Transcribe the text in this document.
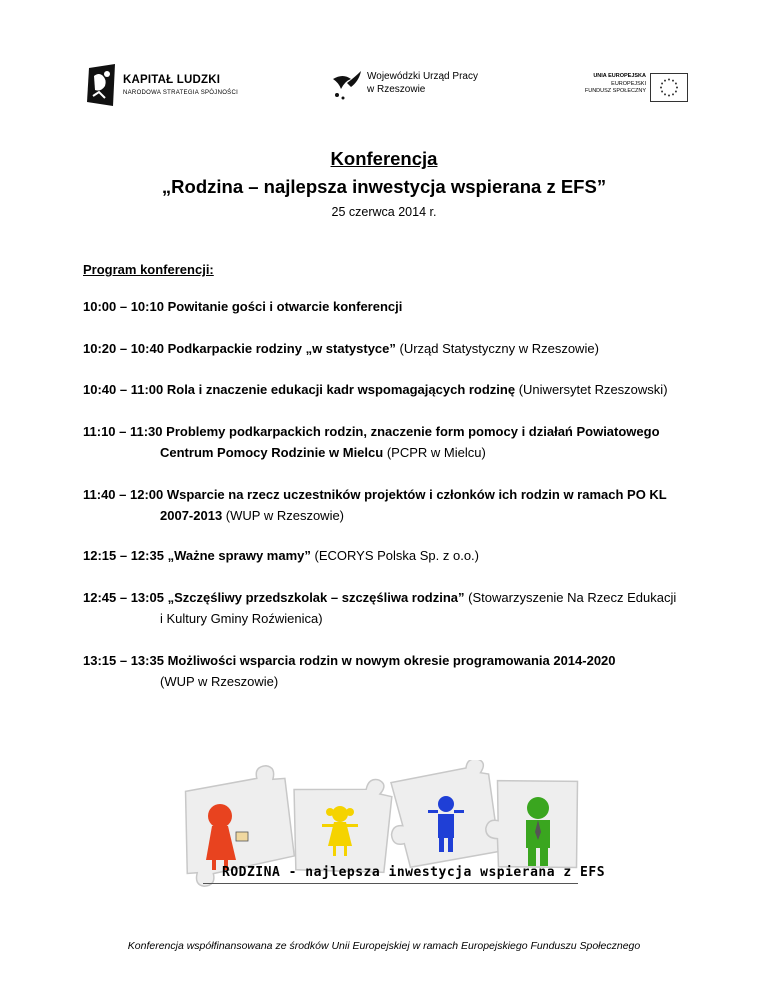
KAPITAŁ LUDZKI
NARODOWA STRATEGIA SPÓJNOŚCI
Wojewódzki Urząd Pracy
w Rzeszowie
UNIA EUROPEJSKA
EUROPEJSKI
FUNDUSZ SPOŁECZNY
Konferencja
„Rodzina – najlepsza inwestycja wspierana z EFS”
25 czerwca 2014 r.
Program konferencji:
10:00 – 10:10 Powitanie gości i otwarcie konferencji
10:20 – 10:40 Podkarpackie rodziny „w statystyce” (Urząd Statystyczny w Rzeszowie)
10:40 – 11:00 Rola i znaczenie edukacji kadr wspomagających rodzinę (Uniwersytet Rzeszowski)
11:10 – 11:30 Problemy podkarpackich rodzin, znaczenie form pomocy i działań Powiatowego
Centrum Pomocy Rodzinie w Mielcu (PCPR w Mielcu)
11:40 – 12:00 Wsparcie na rzecz uczestników projektów i członków ich rodzin w ramach PO KL
2007-2013 (WUP w Rzeszowie)
12:15 – 12:35 „Ważne sprawy mamy” (ECORYS Polska Sp. z o.o.)
12:45 – 13:05 „Szczęśliwy przedszkolak – szczęśliwa rodzina” (Stowarzyszenie Na Rzecz Edukacji
i Kultury Gminy Roźwienica)
13:15 – 13:35 Możliwości wsparcia rodzin w nowym okresie programowania 2014-2020
(WUP w Rzeszowie)
RODZINA - najlepsza inwestycja wspierana z EFS
Konferencja współfinansowana ze środków Unii Europejskiej w ramach Europejskiego Funduszu Społecznego
